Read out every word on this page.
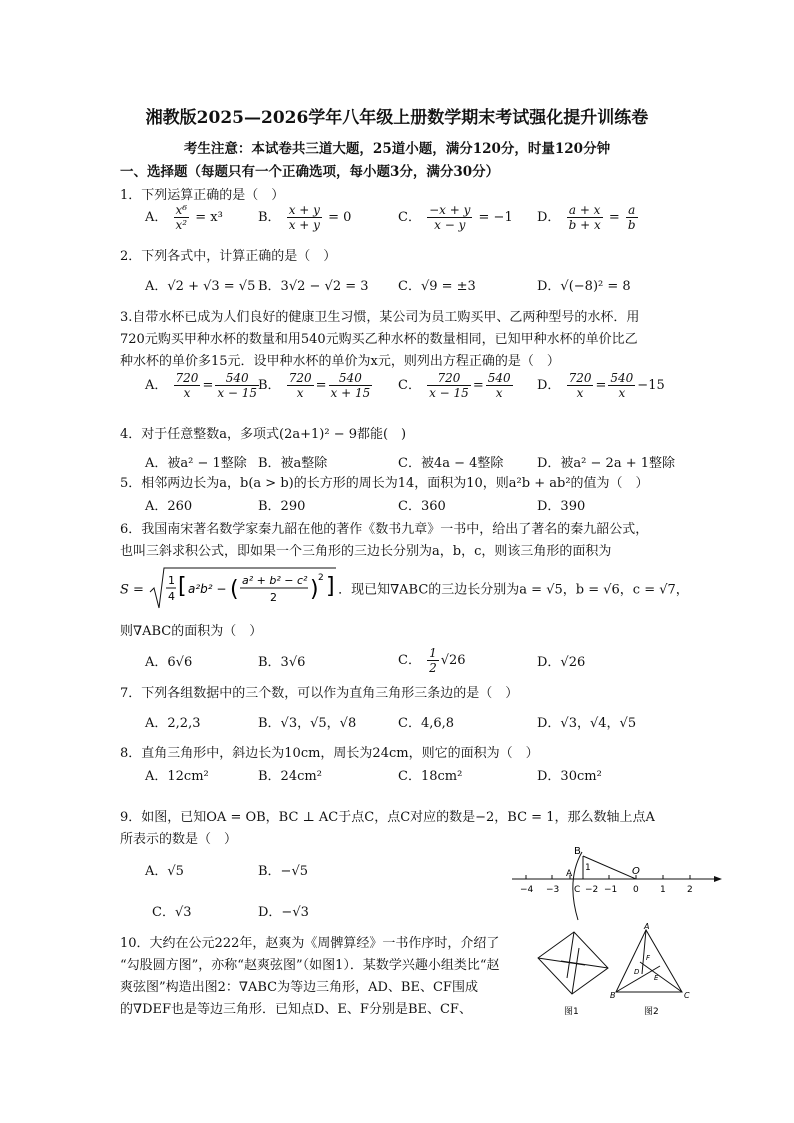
湘教版2025—2026学年八年级上册数学期末考试强化提升训练卷
考生注意：本试卷共三道大题，25道小题，满分120分，时量120分钟
一、选择题（每题只有一个正确选项，每小题3分，满分30分）
1．下列运算正确的是（　）
A． $\frac{\text{x⁶}}{\text{x²}} = x^3$	B． $\frac{x + y}{x + y} = 0$	C． $\frac{-x + y}{x - y} = -1$ D． $\frac{a + x}{b + x} = \frac{a}{b}$
2．下列各式中，计算正确的是（　）
A．√2 + √3 = √5 B．3√2 − √2 = 3 C．√9 = ±3	D．√(−8)² = 8
3.自带水杯已成为人们良好的健康卫生习惯，某公司为员工购买甲、乙两种型号的水杯．用
720元购买甲种水杯的数量和用540元购买乙种水杯的数量相同，已知甲种水杯的单价比乙
种水杯的单价多15元．设甲种水杯的单价为x元，则列出方程正确的是（　）
A． $\frac{720}{x} = \frac{540}{x - 15}$
B． $\frac{720}{x} = \frac{540}{x + 15}$ C． $\frac{720}{x - 15} = \frac{540}{x}$ D． $\frac{720}{x} = \frac{540}{x} -15$
4．对于任意整数a，多项式(2a+1)² − 9都能(　)
A．被a² − 1整除 B．被a整除	C．被4a − 4整除	D．被a² − 2a + 1整除
5．相邻两边长为a，b(a > b)的长方形的周长为14，面积为10，则a²b + ab²的值为（　）
A．260	B．290	C．360	D．390
6．我国南宋著名数学家秦九韶在他的著作《数书九章》一书中，给出了著名的秦九韶公式，
也叫三斜求积公式，即如果一个三角形的三边长分别为a，b，c，则该三角形的面积为
S =
1
4 [ a²b² − ( a² + b² − c²
2 ) 2 ] ．现已知∇ABC的三边长分别为a = √5，b = √6，c = √7，
则∇ABC的面积为（　）
A．6√6	B．3√6	C． $\frac{1}{2} √26$	D．√26
7．下列各组数据中的三个数，可以作为直角三角形三条边的是（　）
A．2,2,3	B．√3，√5，√8	C．4,6,8	D．√3，√4，√5
8．直角三角形中，斜边长为10cm，周长为24cm，则它的面积为（　）
A．12cm²	B．24cm²	C．18cm²	D．30cm²
9．如图，已知OA = OB，BC ⊥ AC于点C，点C对应的数是−2，BC = 1，那么数轴上点A
所表示的数是（　）
A．√5	B．−√5
C．√3	D．−√3
B
O
1
−4 −3
A
C −2 −1 0 1 2
10．大约在公元222年，赵爽为《周髀算经》一书作序时，介绍了
“勾股圆方图”，亦称“赵爽弦图”（如图1）．某数学兴趣小组类比“赵
爽弦图”构造出图2：∇ABC为等边三角形，AD、BE、CF围成
的∇DEF也是等边三角形．已知点D、E、F分别是BE、CF、	图1
A
B	C
D
E
F
图2
